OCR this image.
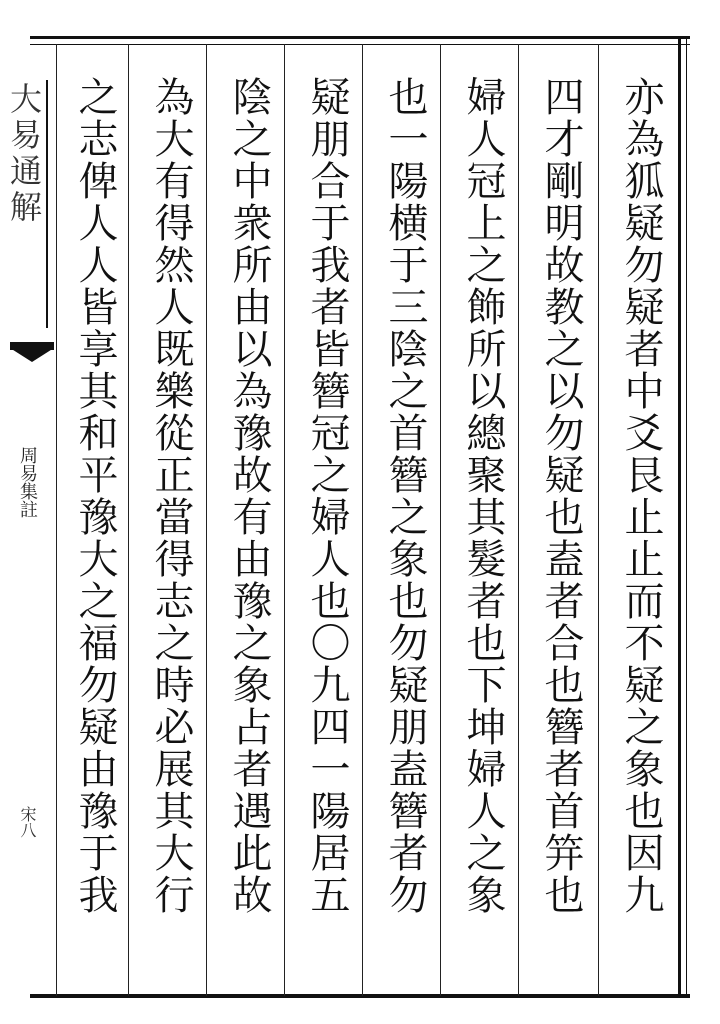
大易通解
周易集註
宋八	亦為狐疑勿疑者中爻艮止止而不疑之象也因九
四才剛明故教之以勿疑也盍者合也簪者首笄也
婦人冠上之飾所以總聚其髮者也下坤婦人之象
也一陽横于三陰之首簪之象也勿疑朋盍簪者勿
疑朋合于我者皆簪冠之婦人也〇九四一陽居五
陰之中衆所由以為豫故有由豫之象占者遇此故
為大有得然人既樂從正當得志之時必展其大行
之志俾人人皆享其和平豫大之福勿疑由豫于我
